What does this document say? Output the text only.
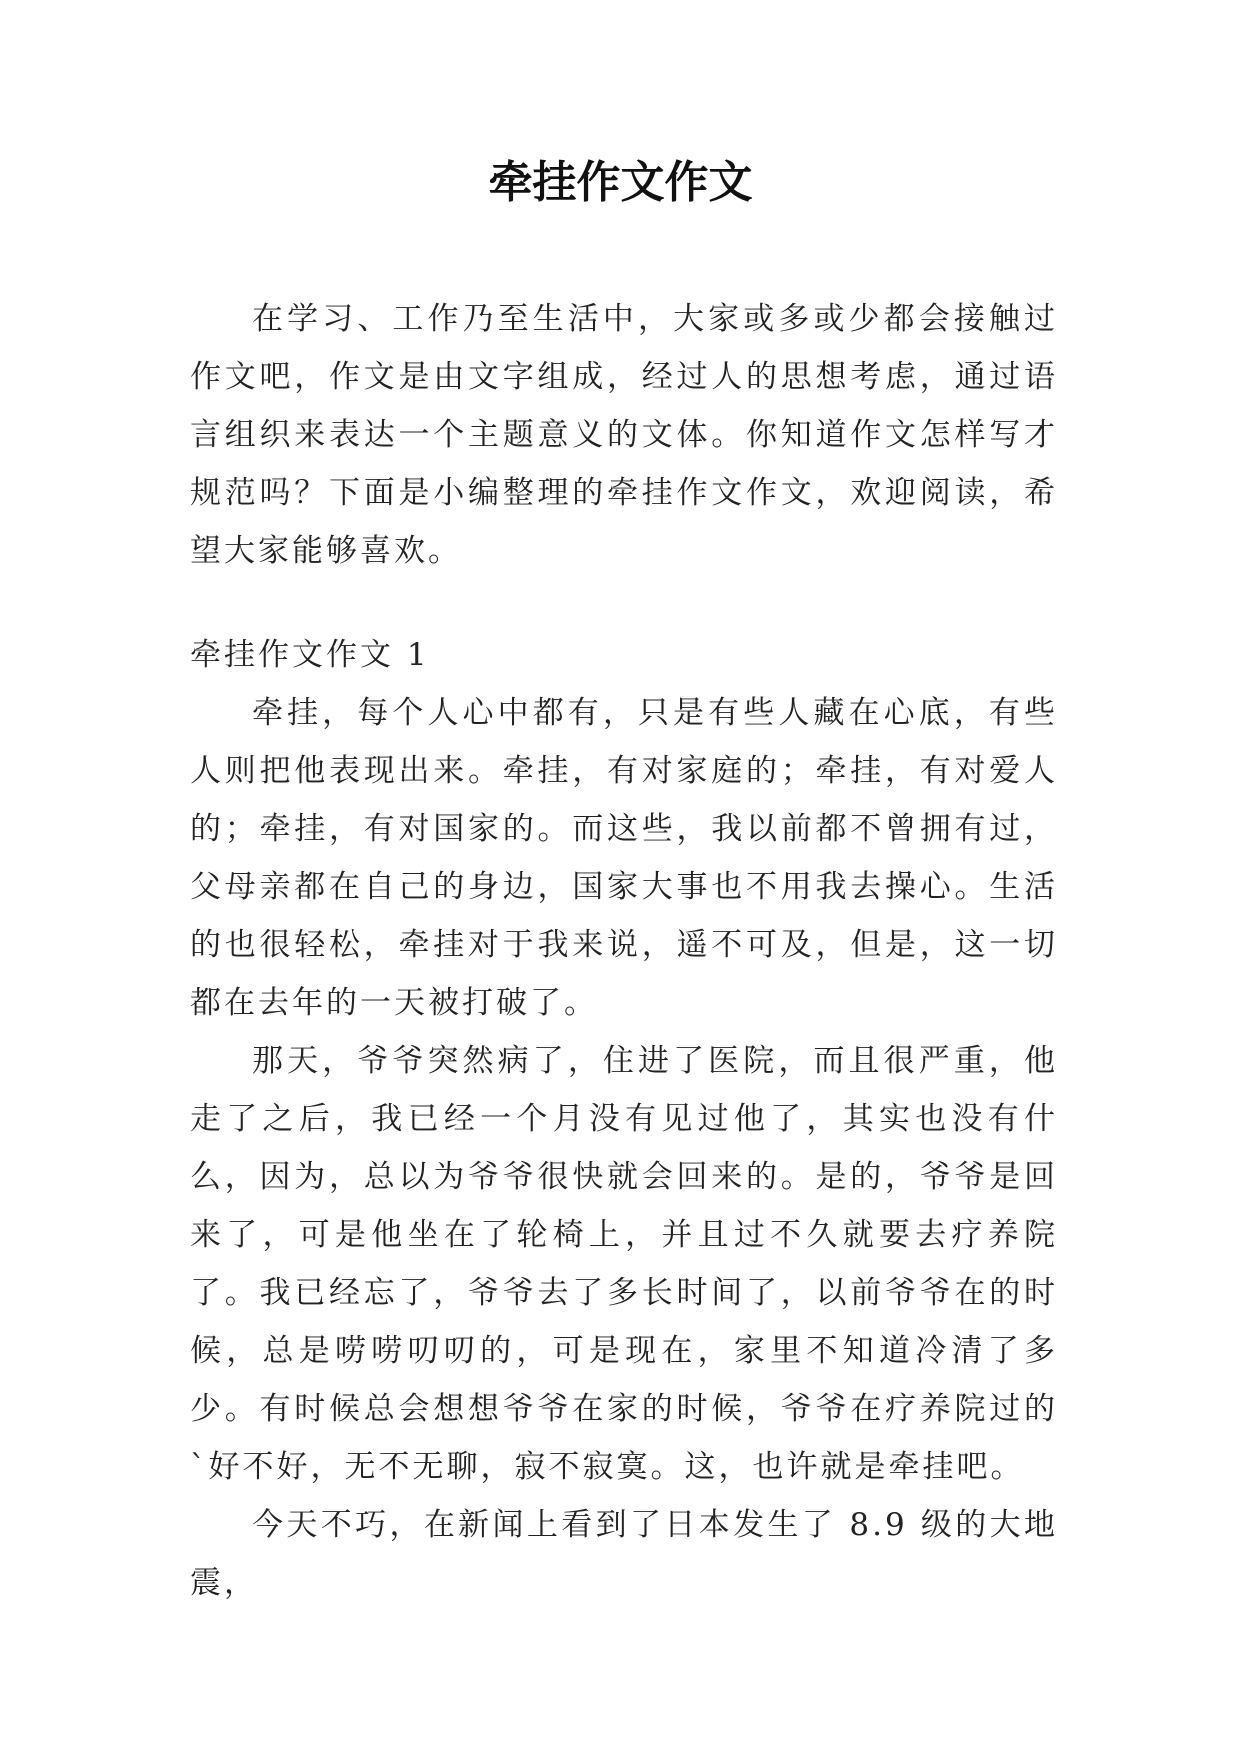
牵挂作文作文

在学习、工作乃至生活中，大家或多或少都会接触过作文吧，作文是由文字组成，经过人的思想考虑，通过语言组织来表达一个主题意义的文体。你知道作文怎样写才规范吗？下面是小编整理的牵挂作文作文，欢迎阅读，希望大家能够喜欢。

牵挂作文作文 1

牵挂，每个人心中都有，只是有些人藏在心底，有些人则把他表现出来。牵挂，有对家庭的；牵挂，有对爱人的；牵挂，有对国家的。而这些，我以前都不曾拥有过，父母亲都在自己的身边，国家大事也不用我去操心。生活的也很轻松，牵挂对于我来说，遥不可及，但是，这一切都在去年的一天被打破了。

那天，爷爷突然病了，住进了医院，而且很严重，他走了之后，我已经一个月没有见过他了，其实也没有什么，因为，总以为爷爷很快就会回来的。是的，爷爷是回来了，可是他坐在了轮椅上，并且过不久就要去疗养院了。我已经忘了，爷爷去了多长时间了，以前爷爷在的时候，总是唠唠叨叨的，可是现在，家里不知道冷清了多少。有时候总会想想爷爷在家的时候，爷爷在疗养院过的`好不好，无不无聊，寂不寂寞。这，也许就是牵挂吧。

今天不巧，在新闻上看到了日本发生了 8.9 级的大地震，
